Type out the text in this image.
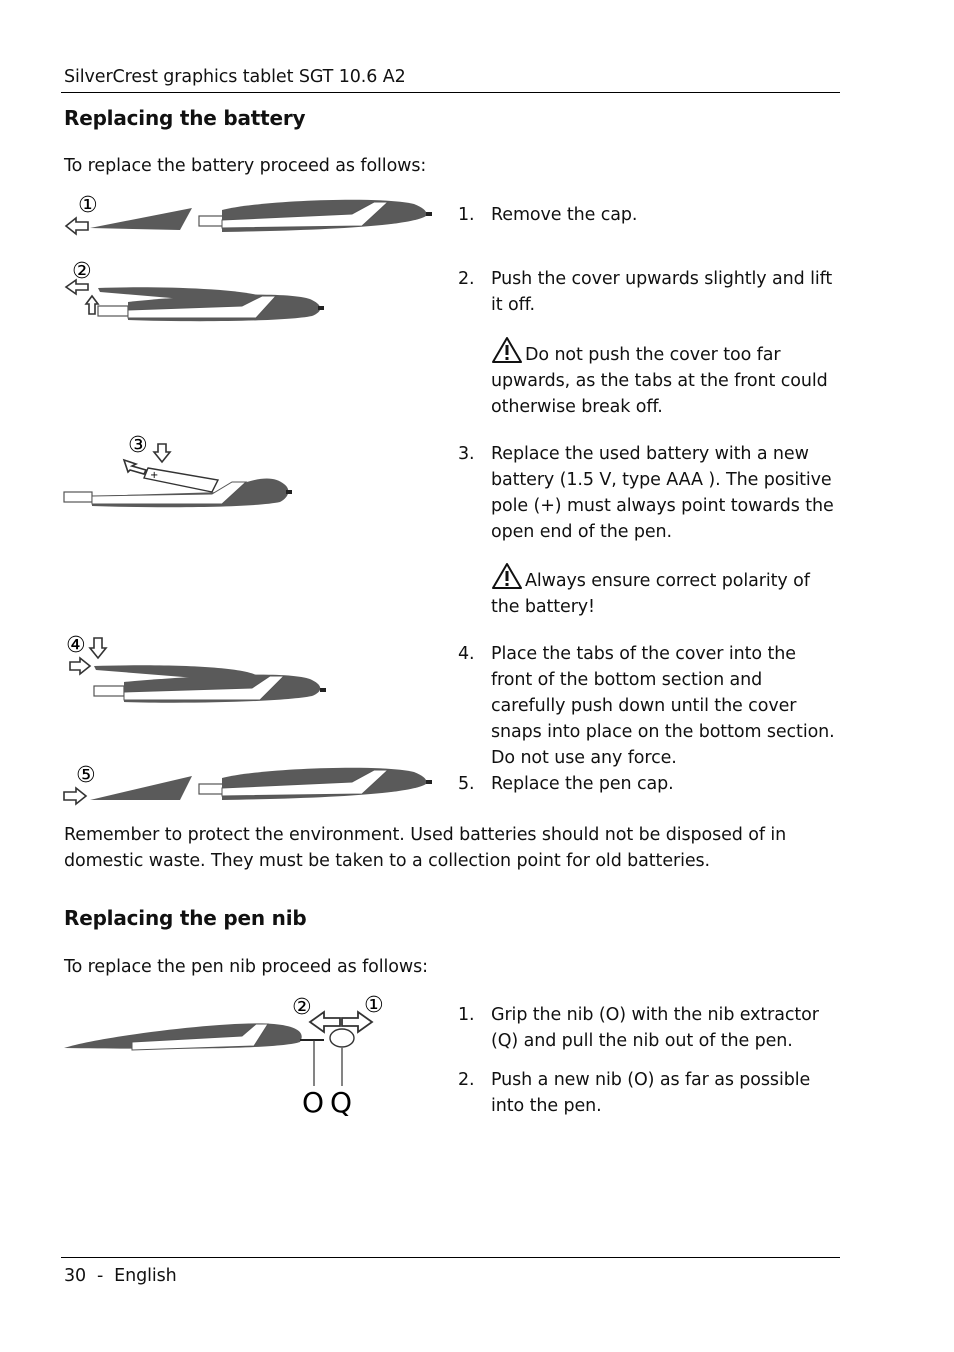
SilverCrest graphics tablet SGT 10.6 A2
Replacing the battery
To replace the battery proceed as follows:
①
②
③
+
④
⑤
1. Remove the cap.
2. Push the cover upwards slightly and lift it off.
Do not push the cover too far upwards, as the tabs at the front could otherwise break off.
3. Replace the used battery with a new battery (1.5 V, type AAA ). The positive pole (+) must always point towards the open end of the pen.
Always ensure correct polarity of the battery!
4. Place the tabs of the cover into the front of the bottom section and carefully push down until the cover snaps into place on the bottom section. Do not use any force.
5. Replace the pen cap.
Remember to protect the environment. Used batteries should not be disposed of in domestic waste. They must be taken to a collection point for old batteries.
Replacing the pen nib
To replace the pen nib proceed as follows:
② ①
O Q
1. Grip the nib (O) with the nib extractor (Q) and pull the nib out of the pen.
2. Push a new nib (O) as far as possible into the pen.
30 - English
